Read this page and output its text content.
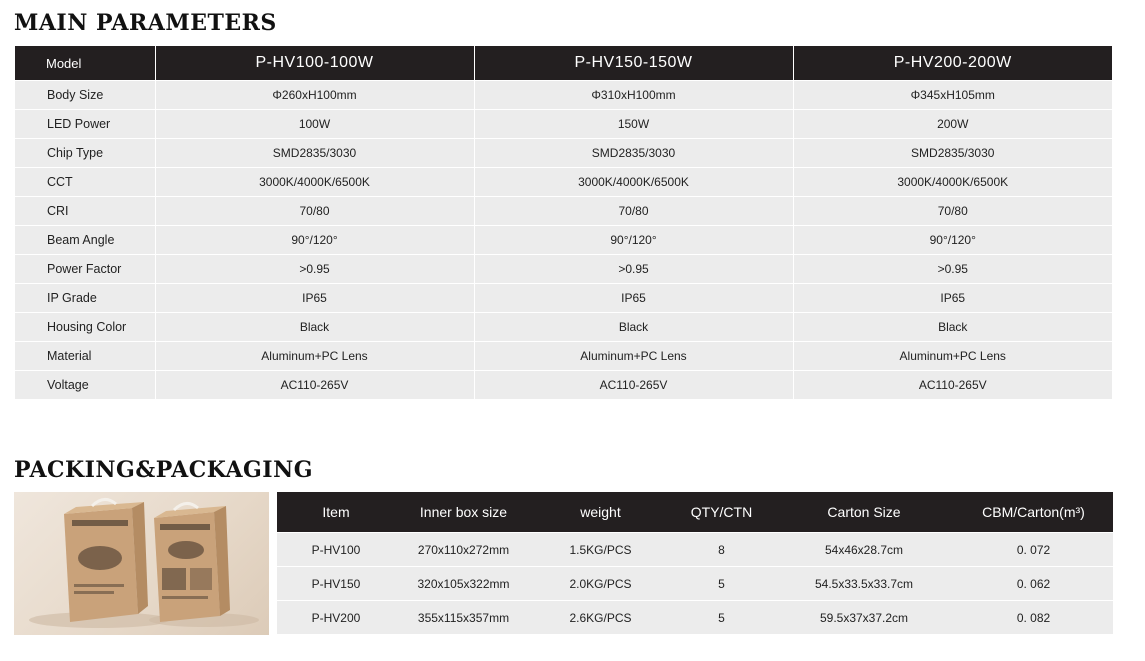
MAIN PARAMETERS
Model	P-HV100-100W	P-HV150-150W	P-HV200-200W
Body Size	Φ260xH100mm	Φ310xH100mm	Φ345xH105mm
LED Power	100W	150W	200W
Chip Type	SMD2835/3030	SMD2835/3030	SMD2835/3030
CCT	3000K/4000K/6500K	3000K/4000K/6500K	3000K/4000K/6500K
CRI	70/80	70/80	70/80
Beam Angle	90°/120°	90°/120°	90°/120°
Power Factor	>0.95	>0.95	>0.95
IP Grade	IP65	IP65	IP65
Housing Color	Black	Black	Black
Material	Aluminum+PC Lens	Aluminum+PC Lens	Aluminum+PC Lens
Voltage	AC110-265V	AC110-265V	AC110-265V
PACKING&PACKAGING
Item	Inner box size	weight	QTY/CTN	Carton Size	CBM/Carton(m³)
P-HV100	270x110x272mm	1.5KG/PCS	8	54x46x28.7cm	0. 072
P-HV150	320x105x322mm	2.0KG/PCS	5	54.5x33.5x33.7cm	0. 062
P-HV200	355x115x357mm	2.6KG/PCS	5	59.5x37x37.2cm	0. 082
